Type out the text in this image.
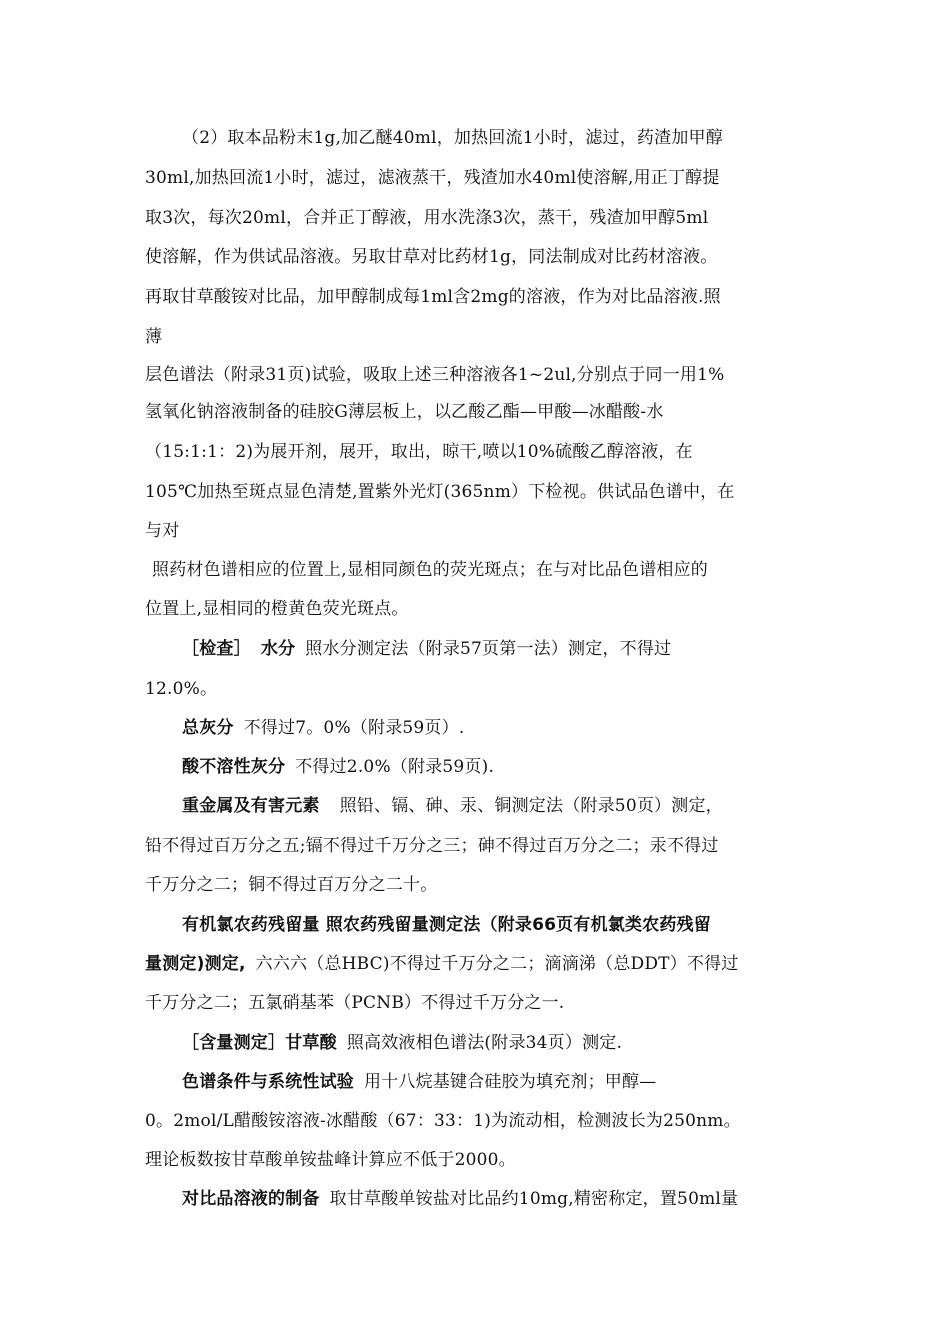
（2）取本品粉末1g,加乙醚40ml，加热回流1小时，滤过，药渣加甲醇
30ml,加热回流1小时，滤过，滤液蒸干，残渣加水40ml使溶解,用正丁醇提
取3次，每次20ml，合并正丁醇液，用水洗涤3次，蒸干，残渣加甲醇5ml
使溶解，作为供试品溶液。另取甘草对比药材1g，同法制成对比药材溶液。
再取甘草酸铵对比品，加甲醇制成每1ml含2mg的溶液，作为对比品溶液.照
薄
层色谱法（附录31页)试验，吸取上述三种溶液各1~2ul,分别点于同一用1%
氢氧化钠溶液制备的硅胶G薄层板上，以乙酸乙酯—甲酸—冰醋酸-水
（15:1:1：2)为展开剂，展开，取出，晾干,喷以10%硫酸乙醇溶液，在
105℃加热至斑点显色清楚,置紫外光灯(365nm）下检视。供试品色谱中，在
与对
照药材色谱相应的位置上,显相同颜色的荧光斑点；在与对比品色谱相应的
位置上,显相同的橙黄色荧光斑点。
［检查］ 水分 照水分测定法（附录57页第一法）测定，不得过
12.0%。
总灰分 不得过7。0%（附录59页）.
酸不溶性灰分 不得过2.0%（附录59页).
重金属及有害元素 照铅、镉、砷、汞、铜测定法（附录50页）测定，
铅不得过百万分之五;镉不得过千万分之三；砷不得过百万分之二；汞不得过
千万分之二；铜不得过百万分之二十。
有机氯农药残留量 照农药残留量测定法（附录66页有机氯类农药残留
量测定)测定, 六六六（总HBC)不得过千万分之二；滴滴涕（总DDT）不得过
千万分之二；五氯硝基苯（PCNB）不得过千万分之一.
［含量测定］甘草酸 照高效液相色谱法(附录34页）测定.
色谱条件与系统性试验 用十八烷基键合硅胶为填充剂；甲醇—
0。2mol/L醋酸铵溶液-冰醋酸（67：33：1)为流动相，检测波长为250nm。
理论板数按甘草酸单铵盐峰计算应不低于2000。
对比品溶液的制备 取甘草酸单铵盐对比品约10mg,精密称定，置50ml量
